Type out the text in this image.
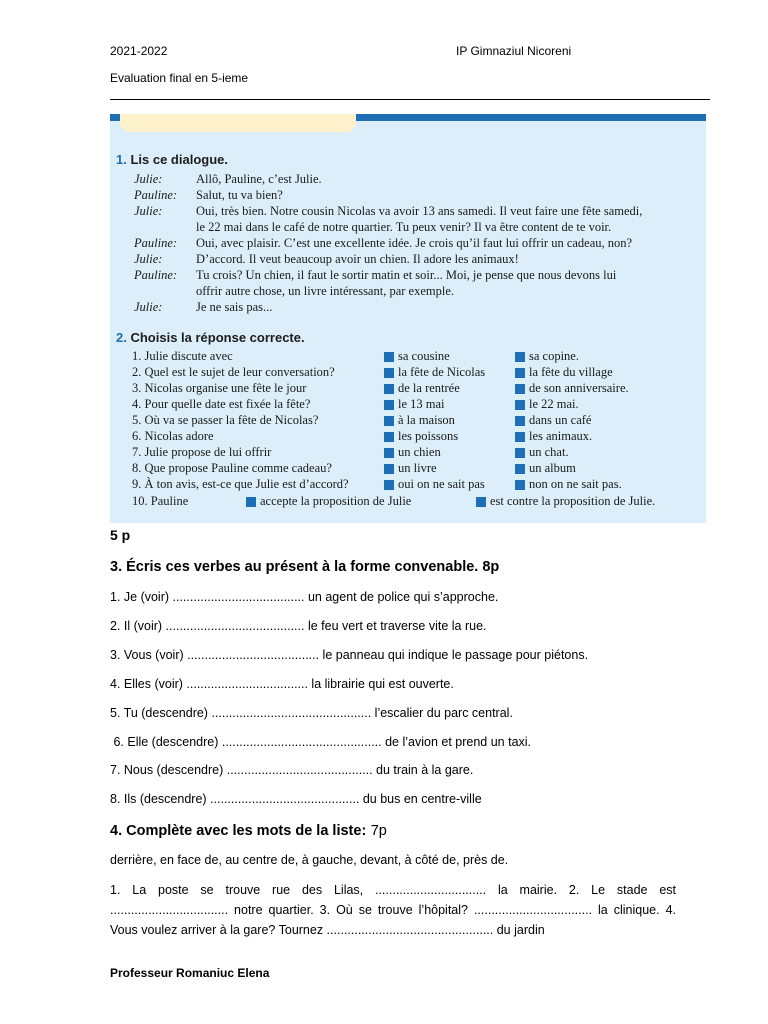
2021-2022	IP Gimnaziul Nicoreni
Evaluation final en 5-ieme
1. Lis ce dialogue.
Julie:	Allô, Pauline, c’est Julie.
Pauline: Salut, tu va bien?
Julie:	Oui, très bien. Notre cousin Nicolas va avoir 13 ans samedi. Il veut faire une fête samedi,
le 22 mai dans le café de notre quartier. Tu peux venir? Il va être content de te voir.
Pauline: Oui, avec plaisir. C’est une excellente idée. Je crois qu’il faut lui offrir un cadeau, non?
Julie:	D’accord. Il veut beaucoup avoir un chien. Il adore les animaux!
Pauline: Tu crois? Un chien, il faut le sortir matin et soir... Moi, je pense que nous devons lui
offrir autre chose, un livre intéressant, par exemple.
Julie:	Je ne sais pas...
2. Choisis la réponse correcte.
1. Julie discute avec	sa cousine	sa copine.
2. Quel est le sujet de leur conversation?	la fête de Nicolas	la fête du village
3. Nicolas organise une fête le jour	de la rentrée	de son anniversaire.
4. Pour quelle date est fixée la fête?	le 13 mai	le 22 mai.
5. Où va se passer la fête de Nicolas?	à la maison	dans un café
6. Nicolas adore	les poissons	les animaux.
7. Julie propose de lui offrir	un chien	un chat.
8. Que propose Pauline comme cadeau?	un livre	un album
9. À ton avis, est-ce que Julie est d’accord?	oui on ne sait pas	non on ne sait pas.
10. Pauline	accepte la proposition de Julie	est contre la proposition de Julie.
5 p
3. Écris ces verbes au présent à la forme convenable. 8p
1. Je (voir) ...................................... un agent de police qui s’approche.
2. Il (voir) ........................................ le feu vert et traverse vite la rue.
3. Vous (voir) ...................................... le panneau qui indique le passage pour piétons.
4. Elles (voir) ................................... la librairie qui est ouverte.
5. Tu (descendre) .............................................. l’escalier du parc central.
6. Elle (descendre) .............................................. de l’avion et prend un taxi.
7. Nous (descendre) .......................................... du train à la gare.
8. Ils (descendre) ........................................... du bus en centre-ville
4. Complète avec les mots de la liste: 7p
derrière, en face de, au centre de, à gauche, devant, à côté de, près de.
1. La poste se trouve rue des Lilas, ................................ la mairie. 2. Le stade est .................................. notre quartier. 3. Où se trouve l’hôpital? .................................. la clinique. 4. Vous voulez arriver à la gare? Tournez ................................................ du jardin
Professeur Romaniuc Elena
